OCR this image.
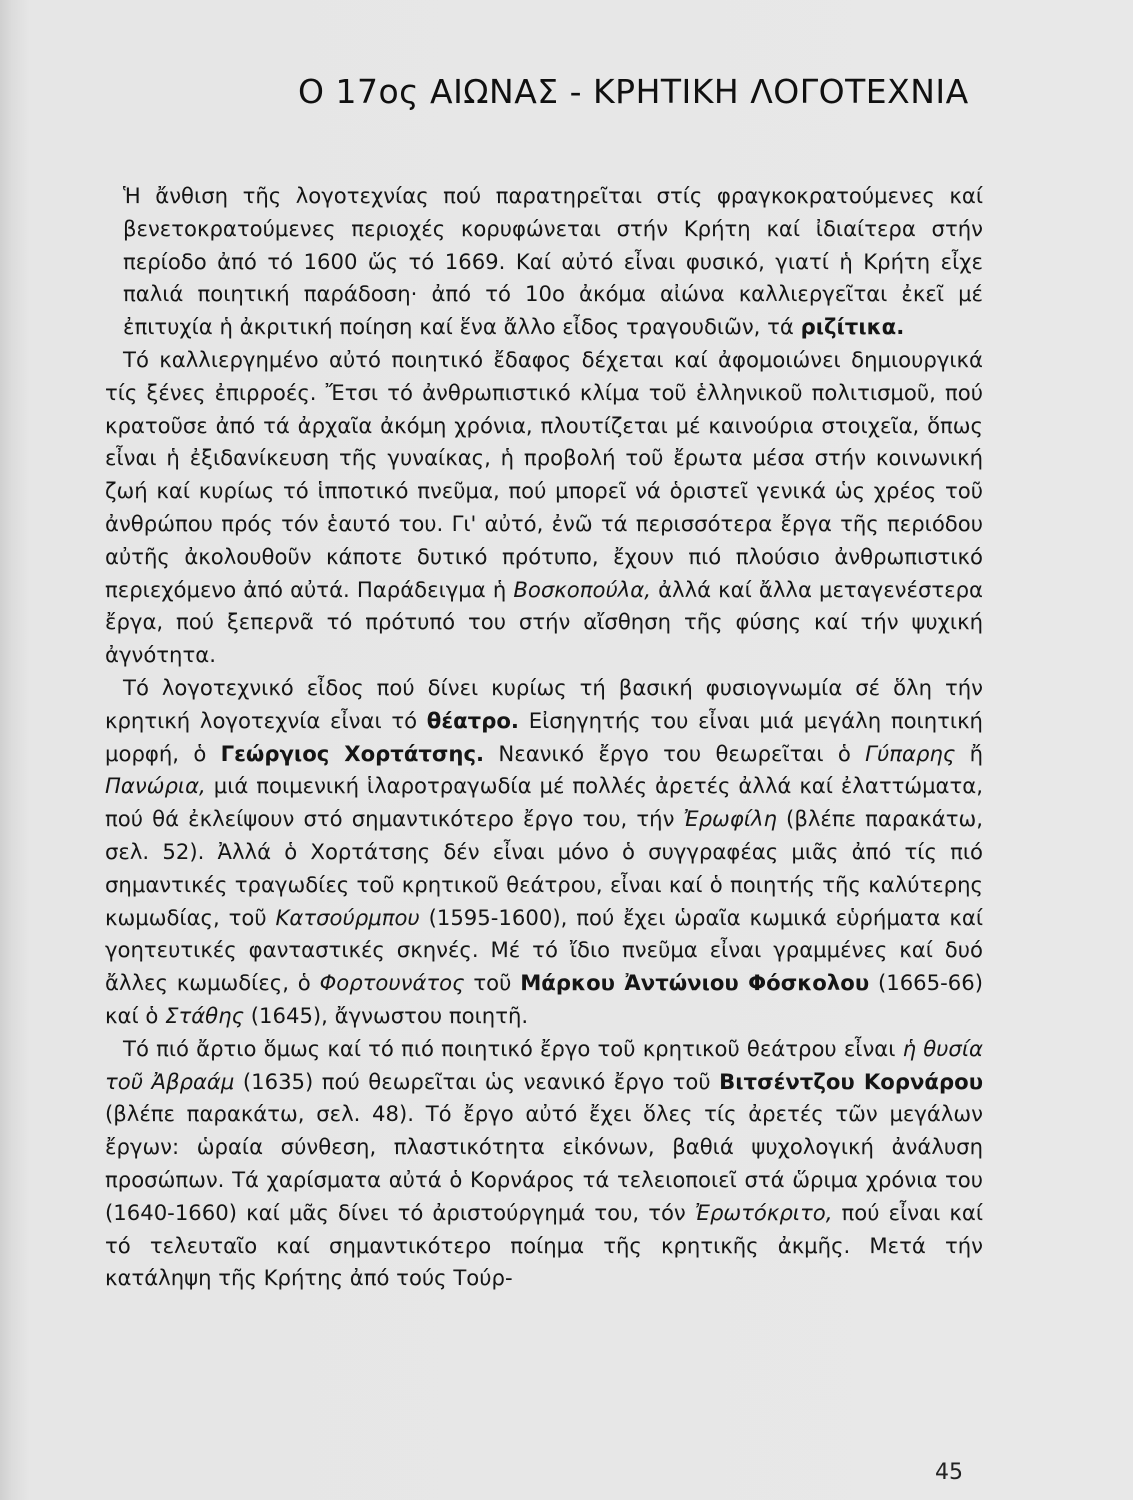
Ο 17ος ΑΙΩΝΑΣ - ΚΡΗΤΙΚΗ ΛΟΓΟΤΕΧΝΙΑ

Ἡ ἄνθιση τῆς λογοτεχνίας πού παρατηρεῖται στίς φραγκοκρατούμενες καί βενετοκρατούμενες περιοχές κορυφώνεται στήν Κρήτη καί ἰδιαίτερα στήν περίοδο ἀπό τό 1600 ὥς τό 1669. Καί αὐτό εἶναι φυσικό, γιατί ἡ Κρήτη εἶχε παλιά ποιητική παράδοση· ἀπό τό 10ο ἀκόμα αἰώνα καλλιεργεῖται ἐκεῖ μέ ἐπιτυχία ἡ ἀκριτική ποίηση καί ἕνα ἄλλο εἶδος τραγουδιῶν, τά ριζίτικα.

Τό καλλιεργημένο αὐτό ποιητικό ἔδαφος δέχεται καί ἀφομοιώνει δημιουργικά τίς ξένες ἐπιρροές. Ἔτσι τό ἀνθρωπιστικό κλίμα τοῦ ἑλληνικοῦ πολιτισμοῦ, πού κρατοῦσε ἀπό τά ἀρχαῖα ἀκόμη χρόνια, πλουτίζεται μέ καινούρια στοιχεῖα, ὅπως εἶναι ἡ ἐξιδανίκευση τῆς γυναίκας, ἡ προβολή τοῦ ἔρωτα μέσα στήν κοινωνική ζωή καί κυρίως τό ἱπποτικό πνεῦμα, πού μπορεῖ νά ὁριστεῖ γενικά ὡς χρέος τοῦ ἀνθρώπου πρός τόν ἑαυτό του. Γι' αὐτό, ἐνῶ τά περισσότερα ἔργα τῆς περιόδου αὐτῆς ἀκολουθοῦν κάποτε δυτικό πρότυπο, ἔχουν πιό πλούσιο ἀνθρωπιστικό περιεχόμενο ἀπό αὐτά. Παράδειγμα ἡ Βοσκοπούλα, ἀλλά καί ἄλλα μεταγενέστερα ἔργα, πού ξεπερνᾶ τό πρότυπό του στήν αἴσθηση τῆς φύσης καί τήν ψυχική ἀγνότητα.

Τό λογοτεχνικό εἶδος πού δίνει κυρίως τή βασική φυσιογνωμία σέ ὅλη τήν κρητική λογοτεχνία εἶναι τό θέατρο. Εἰσηγητής του εἶναι μιά μεγάλη ποιητική μορφή, ὁ Γεώργιος Χορτάτσης. Νεανικό ἔργο του θεωρεῖται ὁ Γύπαρης ἤ Πανώρια, μιά ποιμενική ἱλαροτραγωδία μέ πολλές ἀρετές ἀλλά καί ἐλαττώματα, πού θά ἐκλείψουν στό σημαντικότερο ἔργο του, τήν Ἐρωφίλη (βλέπε παρακάτω, σελ. 52). Ἀλλά ὁ Χορτάτσης δέν εἶναι μόνο ὁ συγγραφέας μιᾶς ἀπό τίς πιό σημαντικές τραγωδίες τοῦ κρητικοῦ θεάτρου, εἶναι καί ὁ ποιητής τῆς καλύτερης κωμωδίας, τοῦ Κατσούρμπου (1595-1600), πού ἔχει ὡραῖα κωμικά εὑρήματα καί γοητευτικές φανταστικές σκηνές. Μέ τό ἴδιο πνεῦμα εἶναι γραμμένες καί δυό ἄλλες κωμωδίες, ὁ Φορτουνάτος τοῦ Μάρκου Ἀντώνιου Φόσκολου (1665-66) καί ὁ Στάθης (1645), ἄγνωστου ποιητῆ.

Τό πιό ἄρτιο ὅμως καί τό πιό ποιητικό ἔργο τοῦ κρητικοῦ θεάτρου εἶναι ἡ θυσία τοῦ Ἀβραάμ (1635) πού θεωρεῖται ὡς νεανικό ἔργο τοῦ Βιτσέντζου Κορνάρου (βλέπε παρακάτω, σελ. 48). Τό ἔργο αὐτό ἔχει ὅλες τίς ἀρετές τῶν μεγάλων ἔργων: ὡραία σύνθεση, πλαστικότητα εἰκόνων, βαθιά ψυχολογική ἀνάλυση προσώπων. Τά χαρίσματα αὐτά ὁ Κορνάρος τά τελειοποιεῖ στά ὥριμα χρόνια του (1640-1660) καί μᾶς δίνει τό ἀριστούργημά του, τόν Ἐρωτόκριτο, πού εἶναι καί τό τελευταῖο καί σημαντικότερο ποίημα τῆς κρητικῆς ἀκμῆς. Μετά τήν κατάληψη τῆς Κρήτης ἀπό τούς Τούρ-

45
